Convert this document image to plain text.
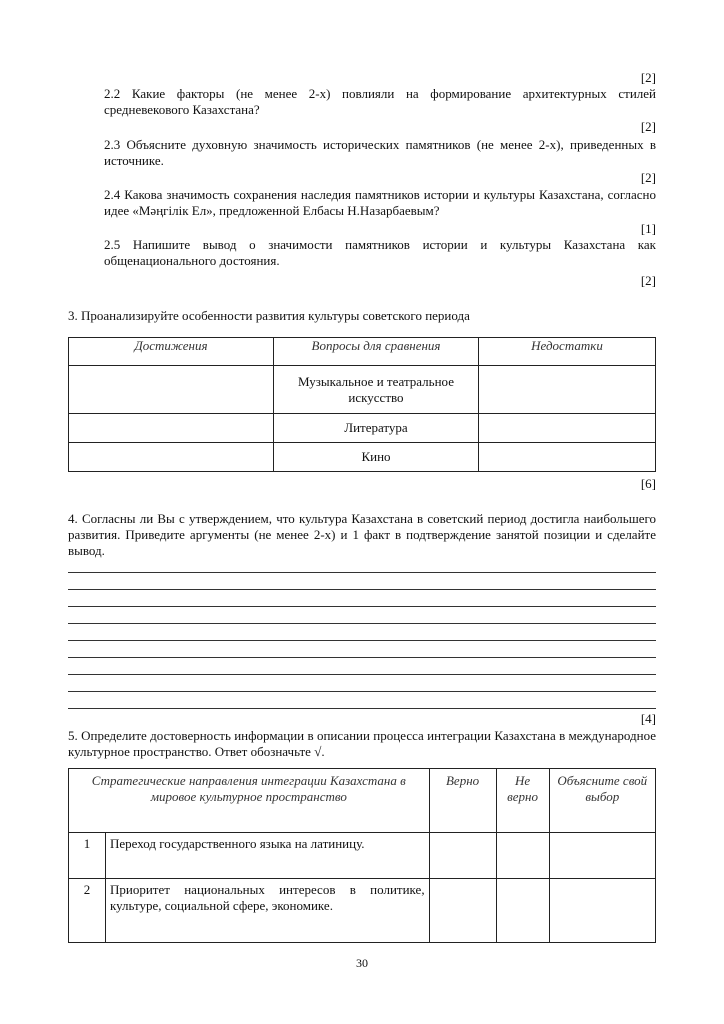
[2]
2.2 Какие факторы (не менее 2-х) повлияли на формирование архитектурных стилей средневекового Казахстана?
[2]
2.3 Объясните духовную значимость исторических памятников (не менее 2-х), приведенных в источнике.
[2]
2.4 Какова значимость сохранения наследия памятников истории и культуры Казахстана, согласно идее «Мәңгілік Ел», предложенной Елбасы Н.Назарбаевым?
[1]
2.5 Напишите вывод о значимости памятников истории и культуры Казахстана как общенационального достояния.
[2]
3. Проанализируйте особенности развития культуры советского периода
Достижения	Вопросы для сравнения	Недостатки
	Музыкальное и театральное искусство	
	Литература	
	Кино	
[6]
4. Согласны ли Вы с утверждением, что культура Казахстана в советский период достигла наибольшего развития. Приведите аргументы (не менее 2-х) и 1 факт в подтверждение занятой позиции и сделайте вывод.
[4]
5. Определите достоверность информации в описании процесса интеграции Казахстана в международное культурное пространство. Ответ обозначьте √.
Стратегические направления интеграции Казахстана в мировое культурное пространство		Верно	Не верно	Объясните свой выбор
1	Переход государственного языка на латиницу.			
2	Приоритет национальных интересов в политике, культуре, социальной сфере, экономике.			
30
